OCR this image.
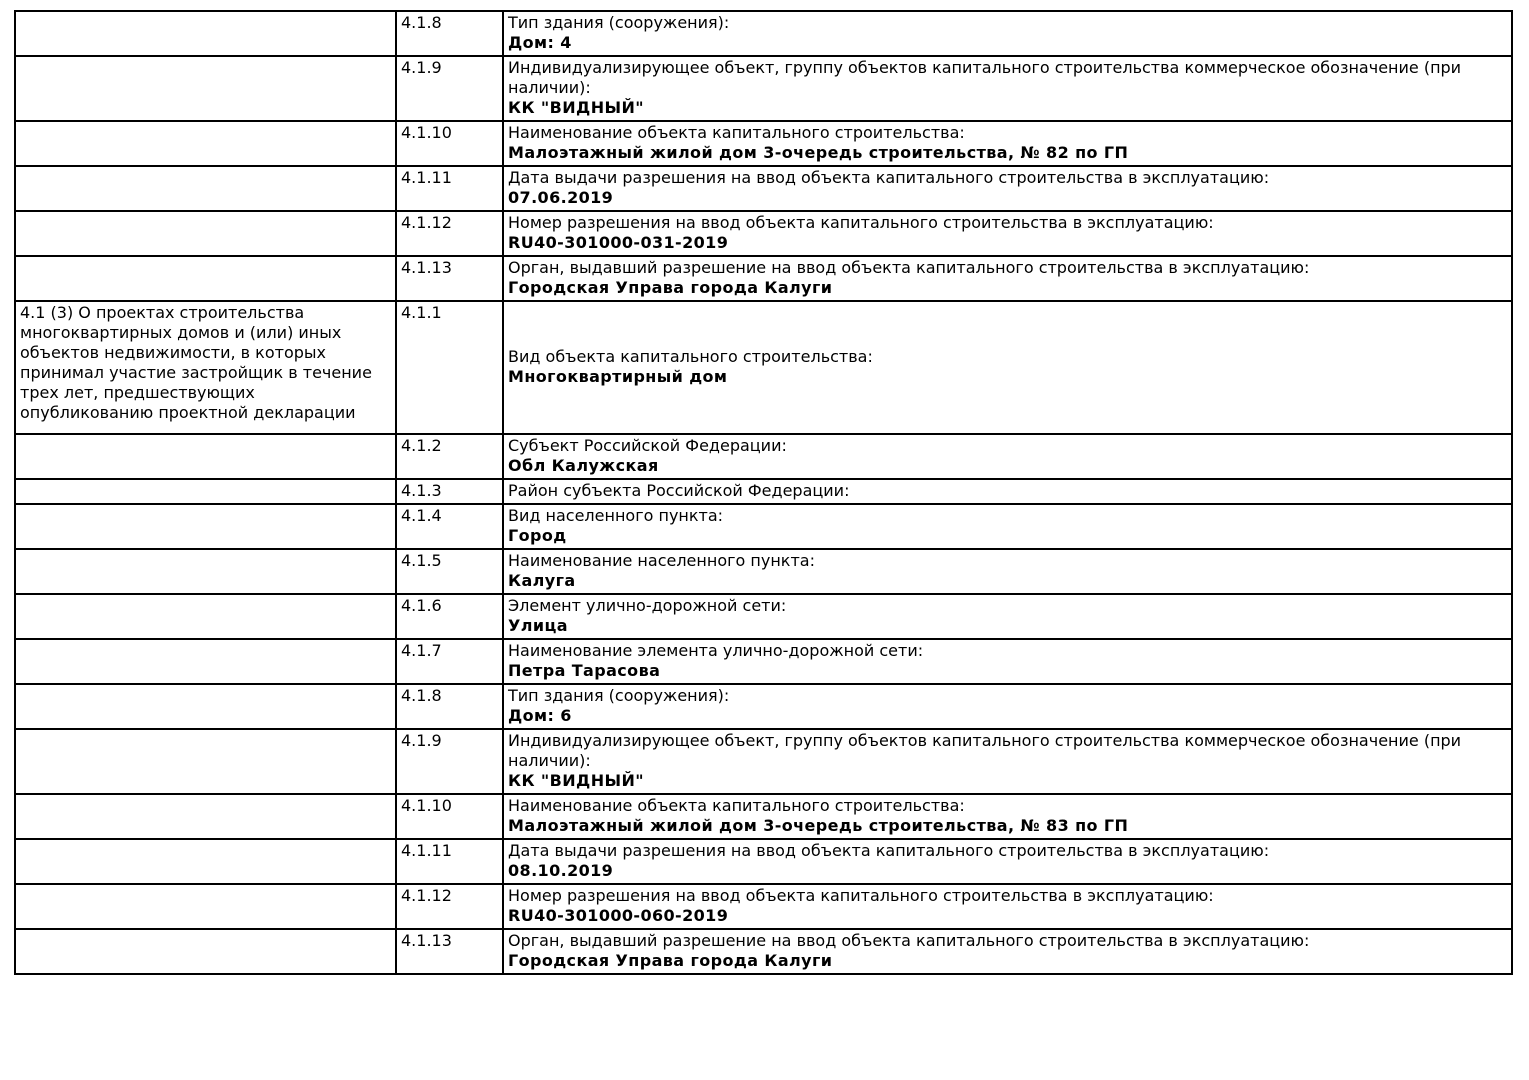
	4.1.8	Тип здания (сооружения):
Дом: 4

	4.1.9	Индивидуализирующее объект, группу объектов капитального строительства коммерческое обозначение (при наличии):
КК "ВИДНЫЙ"

	4.1.10	Наименование объекта капитального строительства:
Малоэтажный жилой дом 3-очередь строительства, № 82 по ГП

	4.1.11	Дата выдачи разрешения на ввод объекта капитального строительства в эксплуатацию:
07.06.2019

	4.1.12	Номер разрешения на ввод объекта капитального строительства в эксплуатацию:
RU40-301000-031-2019

	4.1.13	Орган, выдавший разрешение на ввод объекта капитального строительства в эксплуатацию:
Городская Управа города Калуги

4.1 (3) О проектах строительства многоквартирных домов и (или) иных объектов недвижимости, в которых принимал участие застройщик в течение трех лет, предшествующих опубликованию проектной декларации	4.1.1	Вид объекта капитального строительства:
Многоквартирный дом

	4.1.2	Субъект Российской Федерации:
Обл Калужская

	4.1.3	Район субъекта Российской Федерации:

	4.1.4	Вид населенного пункта:
Город

	4.1.5	Наименование населенного пункта:
Калуга

	4.1.6	Элемент улично-дорожной сети:
Улица

	4.1.7	Наименование элемента улично-дорожной сети:
Петра Тарасова

	4.1.8	Тип здания (сооружения):
Дом: 6

	4.1.9	Индивидуализирующее объект, группу объектов капитального строительства коммерческое обозначение (при наличии):
КК "ВИДНЫЙ"

	4.1.10	Наименование объекта капитального строительства:
Малоэтажный жилой дом 3-очередь строительства, № 83 по ГП

	4.1.11	Дата выдачи разрешения на ввод объекта капитального строительства в эксплуатацию:
08.10.2019

	4.1.12	Номер разрешения на ввод объекта капитального строительства в эксплуатацию:
RU40-301000-060-2019

	4.1.13	Орган, выдавший разрешение на ввод объекта капитального строительства в эксплуатацию:
Городская Управа города Калуги
